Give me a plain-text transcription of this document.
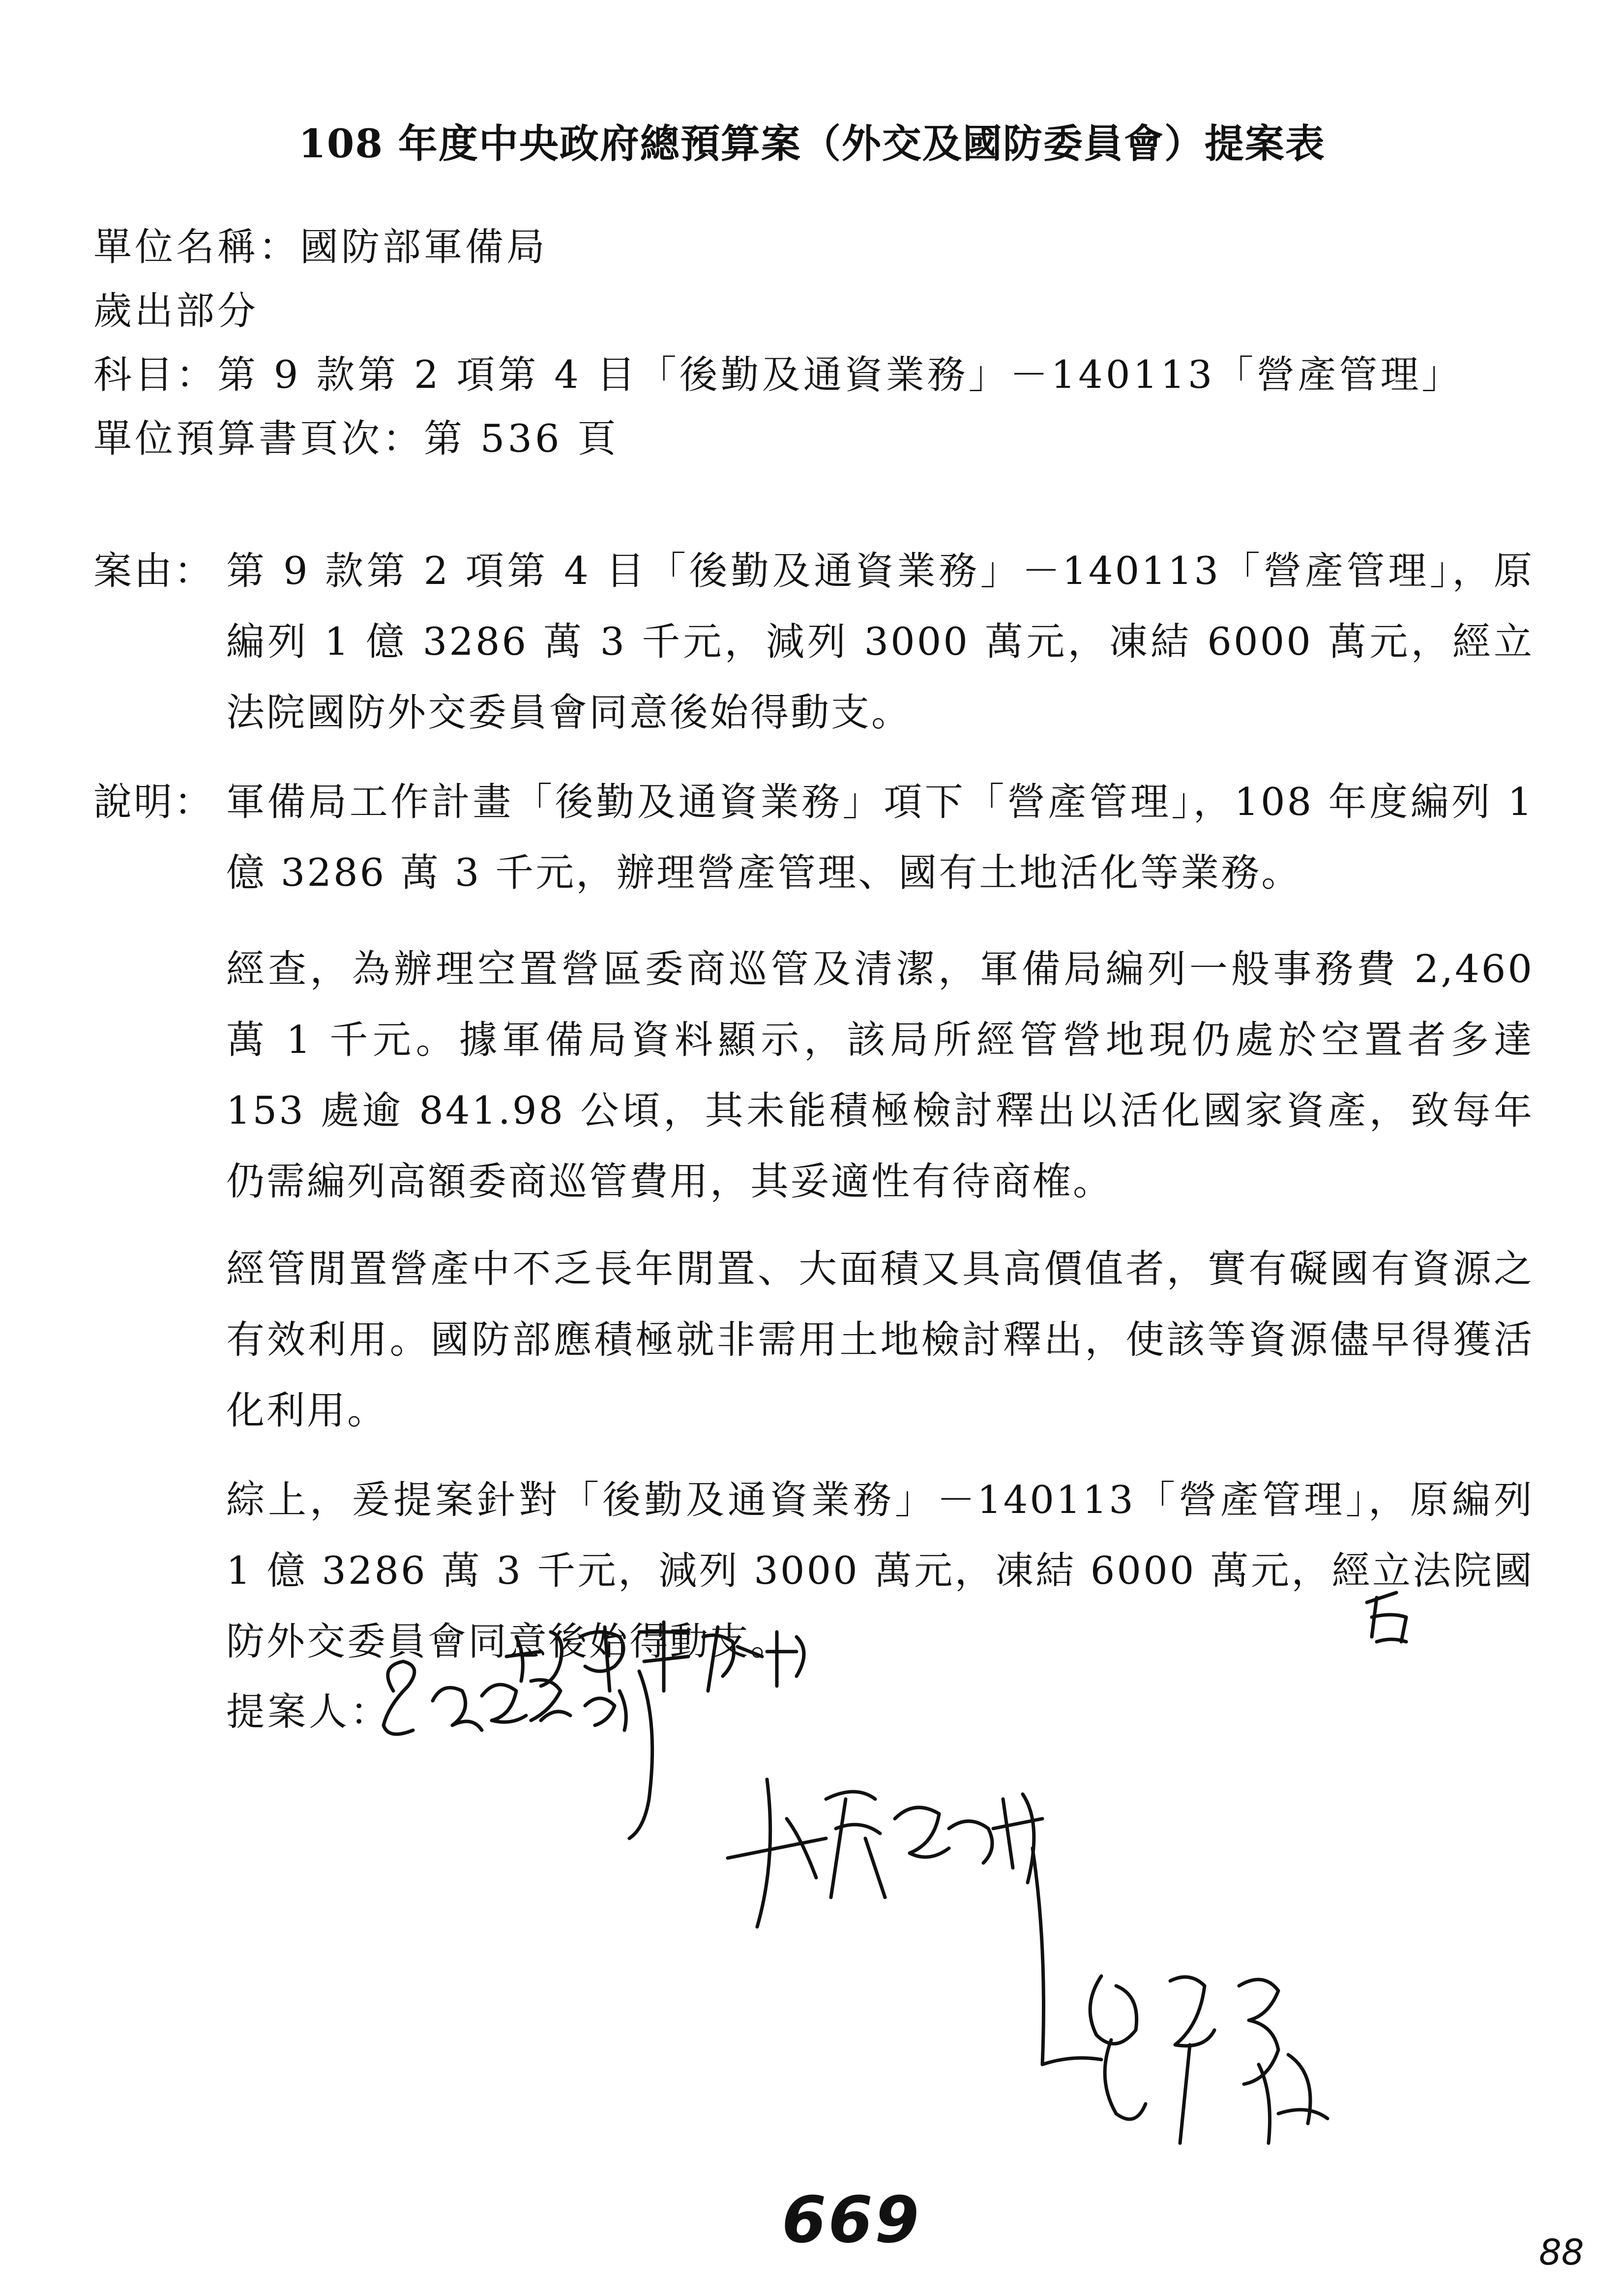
108 年度中央政府總預算案（外交及國防委員會）提案表
單位名稱：國防部軍備局
歲出部分
科目：第 9 款第 2 項第 4 目「後勤及通資業務」－140113「營產管理」
單位預算書頁次：第 536 頁
案由： 第 9 款第 2 項第 4 目「後勤及通資業務」－140113「營產管理」，原編列 1 億 3286 萬 3 千元，減列 3000 萬元，凍結 6000 萬元，經立法院國防外交委員會同意後始得動支。
說明： 軍備局工作計畫「後勤及通資業務」項下「營產管理」，108 年度編列 1 億 3286 萬 3 千元，辦理營產管理、國有土地活化等業務。
經查，為辦理空置營區委商巡管及清潔，軍備局編列一般事務費 2,460 萬 1 千元。據軍備局資料顯示，該局所經管營地現仍處於空置者多達 153 處逾 841.98 公頃，其未能積極檢討釋出以活化國家資產，致每年仍需編列高額委商巡管費用，其妥適性有待商榷。
經管閒置營產中不乏長年閒置、大面積又具高價值者，實有礙國有資源之有效利用。國防部應積極就非需用土地檢討釋出，使該等資源儘早得獲活化利用。
綜上，爰提案針對「後勤及通資業務」－140113「營產管理」，原編列 1 億 3286 萬 3 千元，減列 3000 萬元，凍結 6000 萬元，經立法院國防外交委員會同意後始得動支。
提案人：
669	88
